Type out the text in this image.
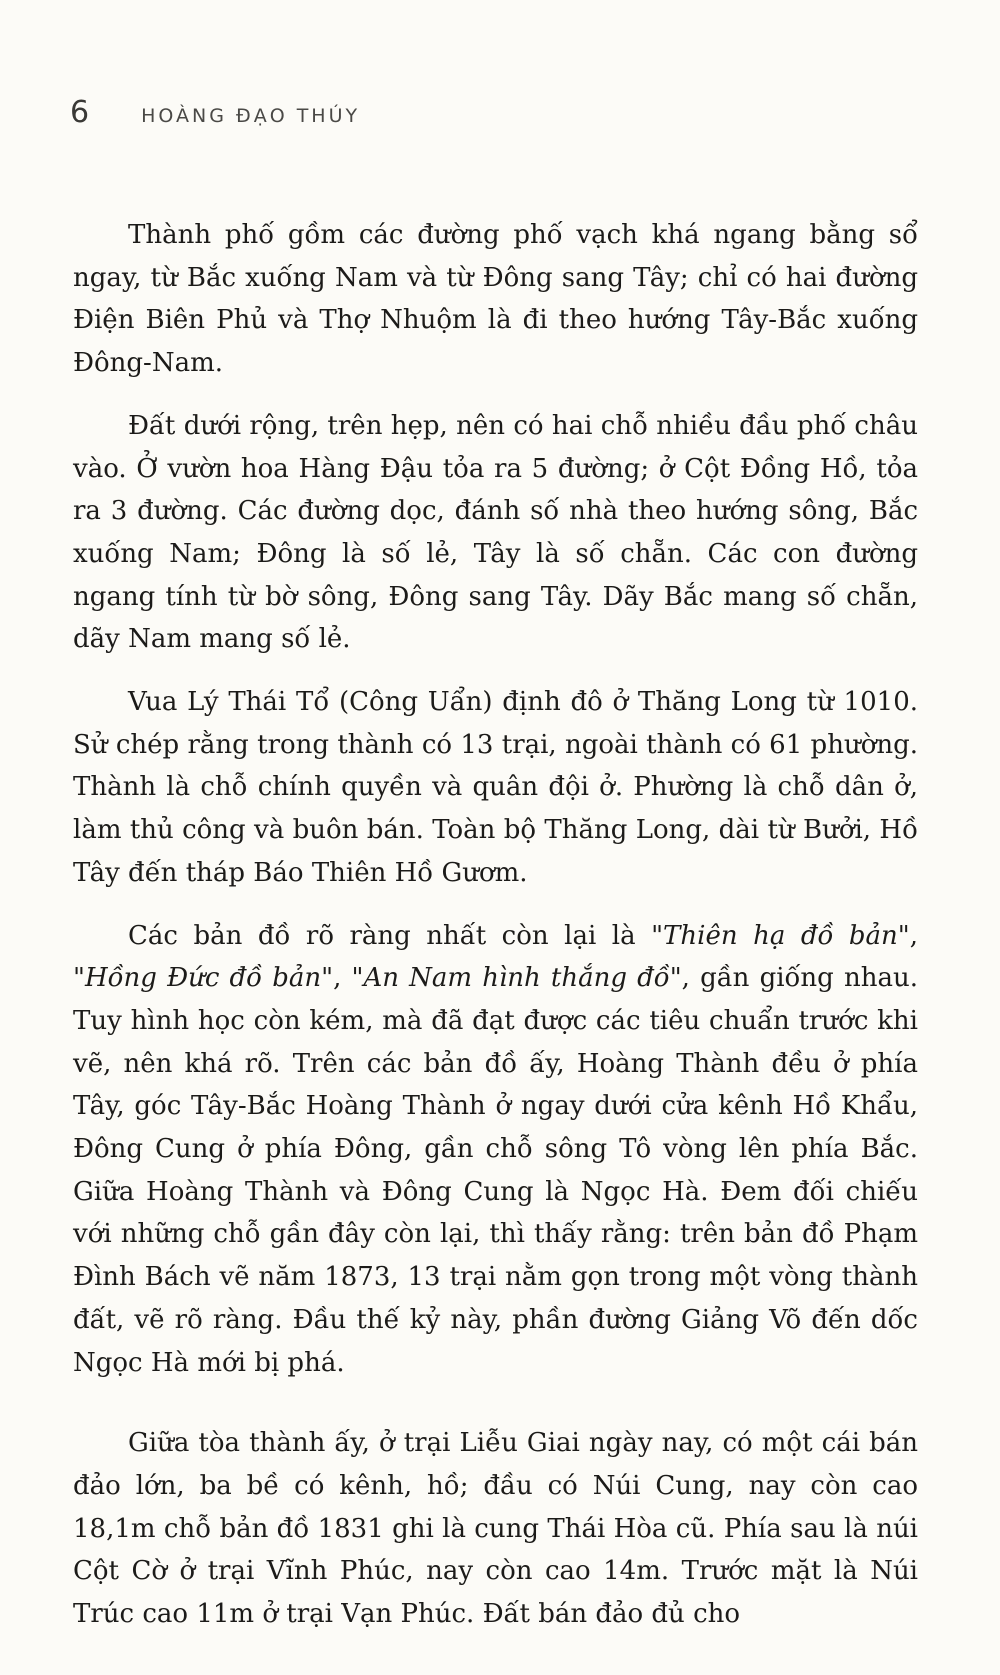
6	HOÀNG ĐẠO THÚY

Thành phố gồm các đường phố vạch khá ngang bằng sổ ngay, từ Bắc xuống Nam và từ Đông sang Tây; chỉ có hai đường Điện Biên Phủ và Thợ Nhuộm là đi theo hướng Tây-Bắc xuống Đông-Nam.

Đất dưới rộng, trên hẹp, nên có hai chỗ nhiều đầu phố châu vào. Ở vườn hoa Hàng Đậu tỏa ra 5 đường; ở Cột Đồng Hồ, tỏa ra 3 đường. Các đường dọc, đánh số nhà theo hướng sông, Bắc xuống Nam; Đông là số lẻ, Tây là số chẵn. Các con đường ngang tính từ bờ sông, Đông sang Tây. Dãy Bắc mang số chẵn, dãy Nam mang số lẻ.

Vua Lý Thái Tổ (Công Uẩn) định đô ở Thăng Long từ 1010. Sử chép rằng trong thành có 13 trại, ngoài thành có 61 phường. Thành là chỗ chính quyền và quân đội ở. Phường là chỗ dân ở, làm thủ công và buôn bán. Toàn bộ Thăng Long, dài từ Bưởi, Hồ Tây đến tháp Báo Thiên Hồ Gươm.

Các bản đồ rõ ràng nhất còn lại là "Thiên hạ đồ bản", "Hồng Đức đồ bản", "An Nam hình thắng đồ", gần giống nhau. Tuy hình học còn kém, mà đã đạt được các tiêu chuẩn trước khi vẽ, nên khá rõ. Trên các bản đồ ấy, Hoàng Thành đều ở phía Tây, góc Tây-Bắc Hoàng Thành ở ngay dưới cửa kênh Hồ Khẩu, Đông Cung ở phía Đông, gần chỗ sông Tô vòng lên phía Bắc. Giữa Hoàng Thành và Đông Cung là Ngọc Hà. Đem đối chiếu với những chỗ gần đây còn lại, thì thấy rằng: trên bản đồ Phạm Đình Bách vẽ năm 1873, 13 trại nằm gọn trong một vòng thành đất, vẽ rõ ràng. Đầu thế kỷ này, phần đường Giảng Võ đến dốc Ngọc Hà mới bị phá.

Giữa tòa thành ấy, ở trại Liễu Giai ngày nay, có một cái bán đảo lớn, ba bề có kênh, hồ; đầu có Núi Cung, nay còn cao 18,1m chỗ bản đồ 1831 ghi là cung Thái Hòa cũ. Phía sau là núi Cột Cờ ở trại Vĩnh Phúc, nay còn cao 14m. Trước mặt là Núi Trúc cao 11m ở trại Vạn Phúc. Đất bán đảo đủ cho
